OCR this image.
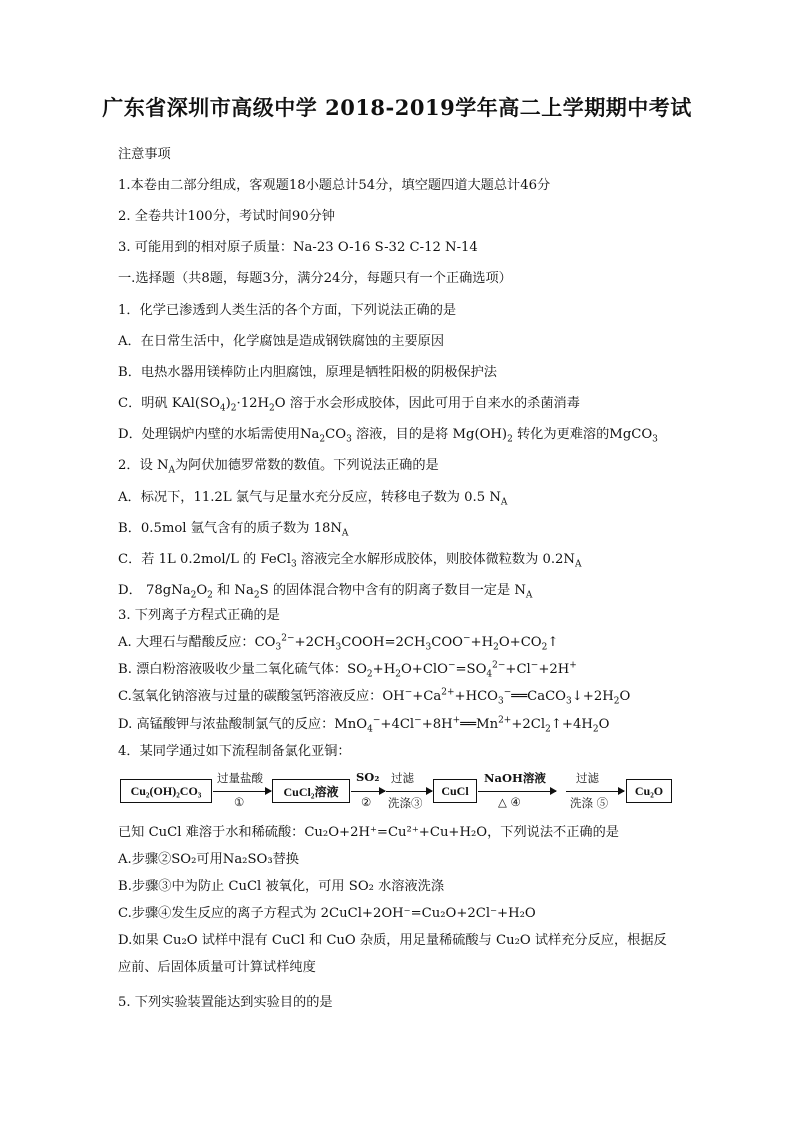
广东省深圳市高级中学 2018-2019学年高二上学期期中考试
注意事项
1.本卷由二部分组成，客观题18小题总计54分，填空题四道大题总计46分
2. 全卷共计100分，考试时间90分钟
3. 可能用到的相对原子质量：Na-23 O-16 S-32 C-12 N-14
一.选择题（共8题，每题3分，满分24分，每题只有一个正确选项）
1．化学已渗透到人类生活的各个方面，下列说法正确的是
A．在日常生活中，化学腐蚀是造成钢铁腐蚀的主要原因
B．电热水器用镁棒防止内胆腐蚀，原理是牺牲阳极的阴极保护法
C．明矾 $KAl(SO_4)_2\cdot 12H_2O$ 溶于水会形成胶体，因此可用于自来水的杀菌消毒
D．处理锅炉内壁的水垢需使用$Na_2CO_3$ 溶液，目的是将 $Mg(OH)_2$ 转化为更难溶的MgCO$_3$
2．设 $N_A$为阿伏加德罗常数的数值。下列说法正确的是
A．标况下，11.2L 氯气与足量水充分反应，转移电子数为 0.5 $N_A$
B．0.5mol 氩气含有的质子数为 $18N_A$
C．若 1L 0.2mol/L 的 FeCl$_3$ 溶液完全水解形成胶体，则胶体微粒数为 $0.2N_A$
D． $78gNa_2O_2$ 和 $Na_2S$ 的固体混合物中含有的阴离子数目一定是 $N_A$
3. 下列离子方程式正确的是
A. 大理石与醋酸反应：$CO_3^{2-}+2CH_3COOH=2CH_3COO^-+H_2O+CO_2↑$
B. 漂白粉溶液吸收少量二氧化硫气体：$SO_2+H_2O+ClO^-=SO_4^{2-}+Cl^-+2H^+$
C.氢氧化钠溶液与过量的碳酸氢钙溶液反应：$OH^-+Ca^{2+}+HCO_3^-══CaCO_3↓+2H_2O$
D. 高锰酸钾与浓盐酸制氯气的反应：$MnO_4^-+4Cl^-+8H^+══Mn^{2+}+2Cl_2↑+4H_2O$
4．某同学通过如下流程制备氯化亚铜：
Cu₂(OH)₂CO₃
过量盐酸
①
CuCl₂溶液
SO₂
②
过滤
洗涤③
CuCl
NaOH溶液
△ ④
过滤
洗涤 ⑤
Cu₂O
已知 CuCl 难溶于水和稀硫酸：Cu₂O+2H⁺=Cu²⁺+Cu+H₂O，下列说法不正确的是
A.步骤②SO₂可用Na₂SO₃替换
B.步骤③中为防止 CuCl 被氧化，可用 SO₂ 水溶液洗涤
C.步骤④发生反应的离子方程式为 2CuCl+2OH⁻=Cu₂O+2Cl⁻+H₂O
D.如果 Cu₂O 试样中混有 CuCl 和 CuO 杂质，用足量稀硫酸与 Cu₂O 试样充分反应，根据反
应前、后固体质量可计算试样纯度
5. 下列实验装置能达到实验目的的是
